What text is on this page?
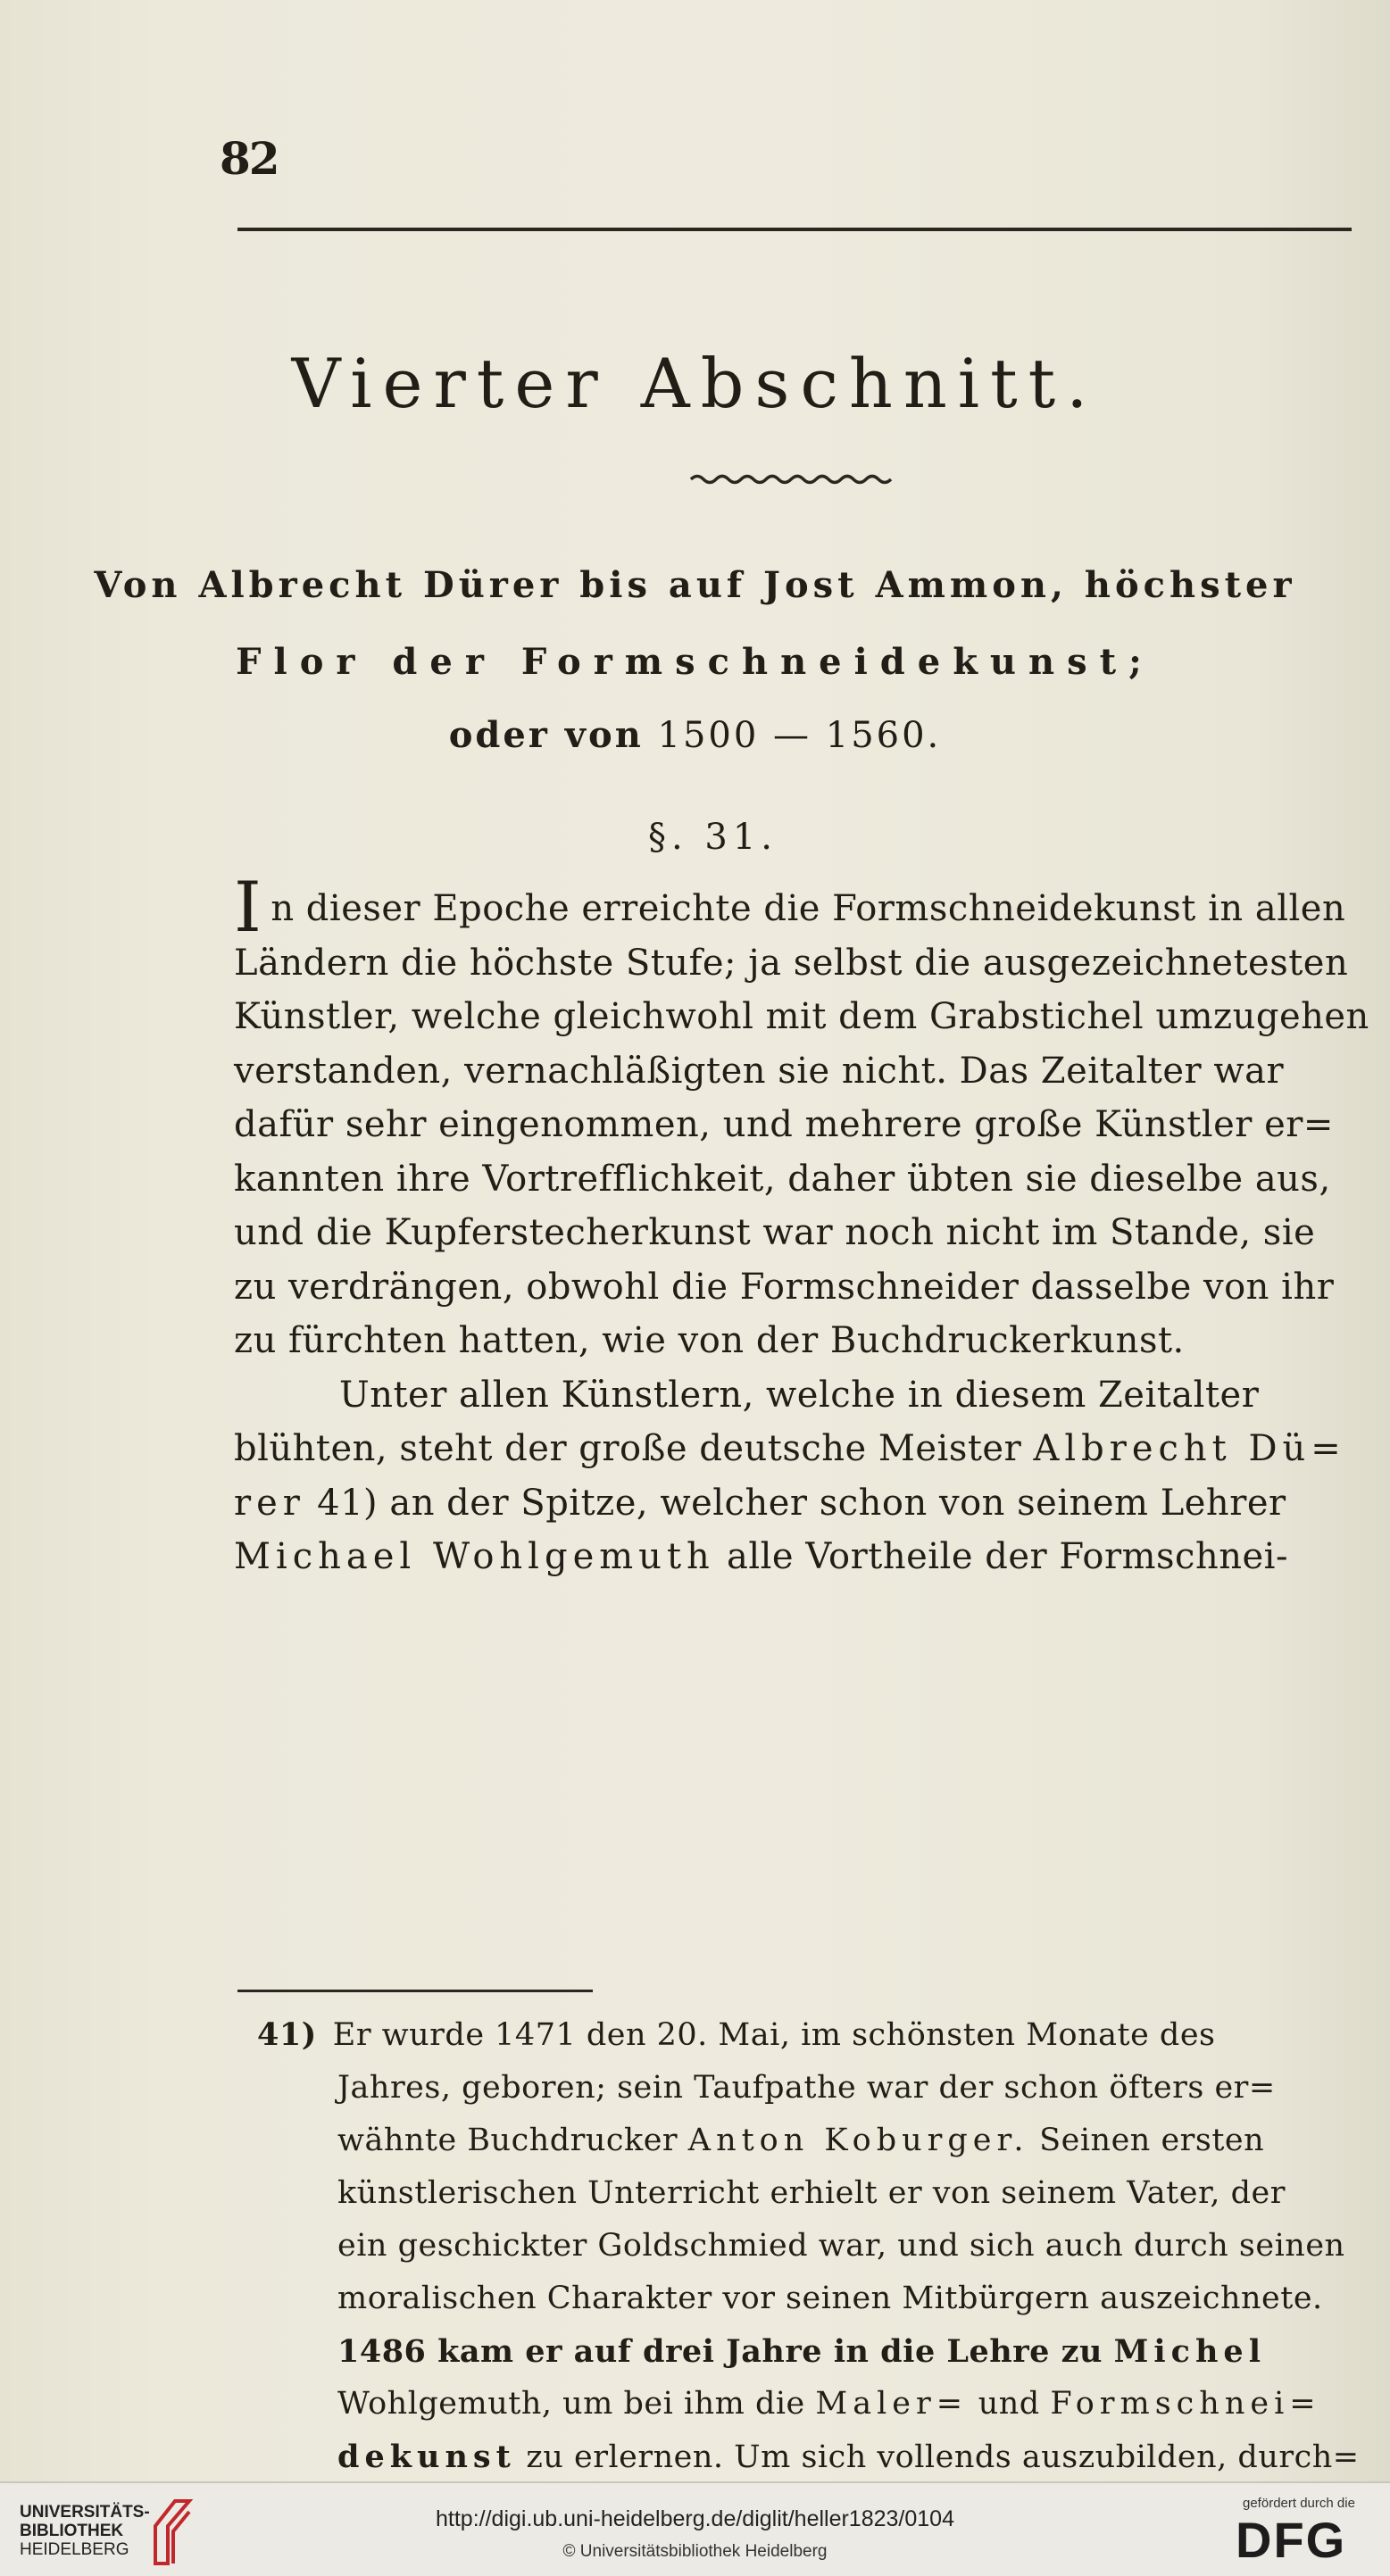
82
Vierter Abschnitt.
Von Albrecht Dürer bis auf Jost Ammon, höchster
Flor der Formschneidekunst;
oder von 1500 — 1560.
§. 31.
In dieser Epoche erreichte die Formschneidekunst in allen
Ländern die höchste Stufe; ja selbst die ausgezeichnetesten
Künstler, welche gleichwohl mit dem Grabstichel umzugehen
verstanden, vernachläßigten sie nicht. Das Zeitalter war
dafür sehr eingenommen, und mehrere große Künstler er=
kannten ihre Vortrefflichkeit, daher übten sie dieselbe aus,
und die Kupferstecherkunst war noch nicht im Stande, sie
zu verdrängen, obwohl die Formschneider dasselbe von ihr
zu fürchten hatten, wie von der Buchdruckerkunst.
Unter allen Künstlern, welche in diesem Zeitalter
blühten, steht der große deutsche Meister Albrecht Dü=
rer 41) an der Spitze, welcher schon von seinem Lehrer
Michael Wohlgemuth alle Vortheile der Formschnei-
41) Er wurde 1471 den 20. Mai, im schönsten Monate des
Jahres, geboren; sein Taufpathe war der schon öfters er=
wähnte Buchdrucker Anton Koburger. Seinen ersten
künstlerischen Unterricht erhielt er von seinem Vater, der
ein geschickter Goldschmied war, und sich auch durch seinen
moralischen Charakter vor seinen Mitbürgern auszeichnete.
1486 kam er auf drei Jahre in die Lehre zu Michel
Wohlgemuth, um bei ihm die Maler= und Formschnei=
dekunst zu erlernen. Um sich vollends auszubilden, durch=
UNIVERSITÄTS-
BIBLIOTHEK
HEIDELBERG
http://digi.ub.uni-heidelberg.de/diglit/heller1823/0104
© Universitätsbibliothek Heidelberg
gefördert durch die
DFG
